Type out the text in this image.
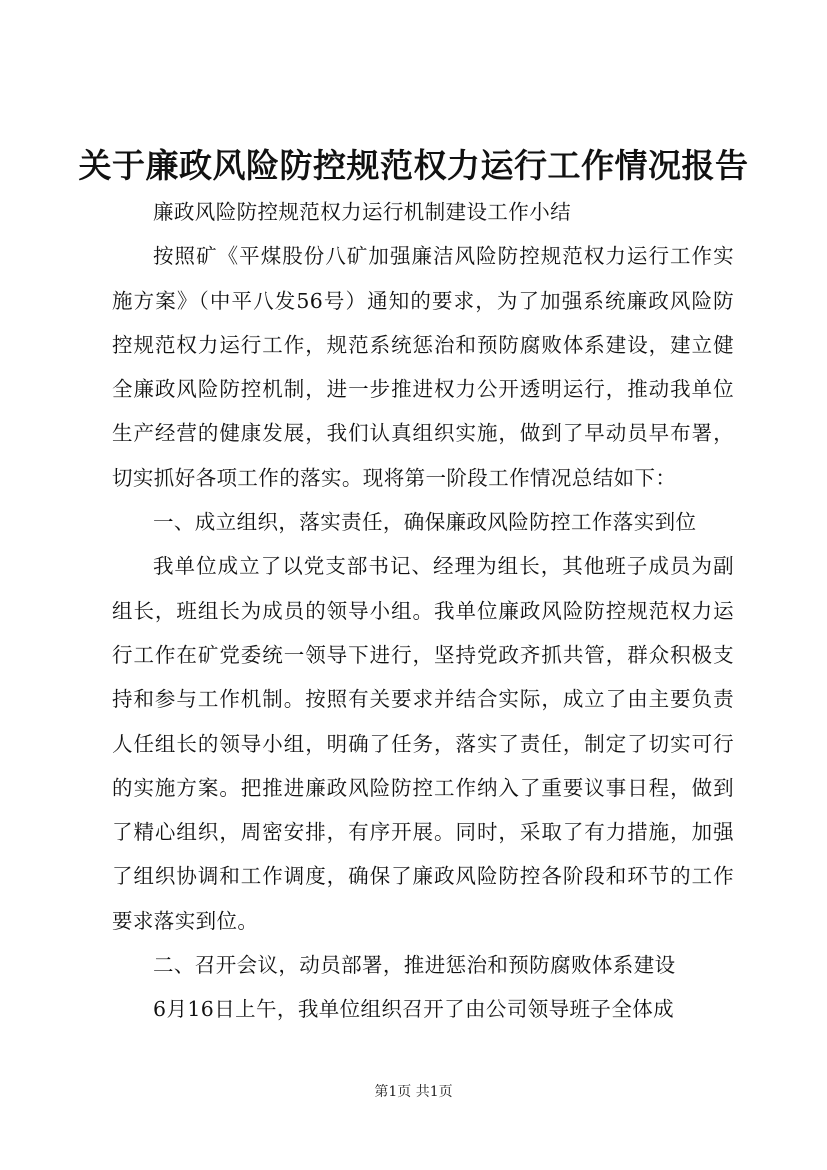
关于廉政风险防控规范权力运行工作情况报告

廉政风险防控规范权力运行机制建设工作小结

按照矿《平煤股份八矿加强廉洁风险防控规范权力运行工作实施方案》（中平八发56号）通知的要求，为了加强系统廉政风险防控规范权力运行工作，规范系统惩治和预防腐败体系建设，建立健全廉政风险防控机制，进一步推进权力公开透明运行，推动我单位生产经营的健康发展，我们认真组织实施，做到了早动员早布署，切实抓好各项工作的落实。现将第一阶段工作情况总结如下：

一、成立组织，落实责任，确保廉政风险防控工作落实到位

我单位成立了以党支部书记、经理为组长，其他班子成员为副组长，班组长为成员的领导小组。我单位廉政风险防控规范权力运行工作在矿党委统一领导下进行，坚持党政齐抓共管，群众积极支持和参与工作机制。按照有关要求并结合实际，成立了由主要负责人任组长的领导小组，明确了任务，落实了责任，制定了切实可行的实施方案。把推进廉政风险防控工作纳入了重要议事日程，做到了精心组织，周密安排，有序开展。同时，采取了有力措施，加强了组织协调和工作调度，确保了廉政风险防控各阶段和环节的工作要求落实到位。

二、召开会议，动员部署，推进惩治和预防腐败体系建设

6月16日上午，我单位组织召开了由公司领导班子全体成

第1页 共1页
